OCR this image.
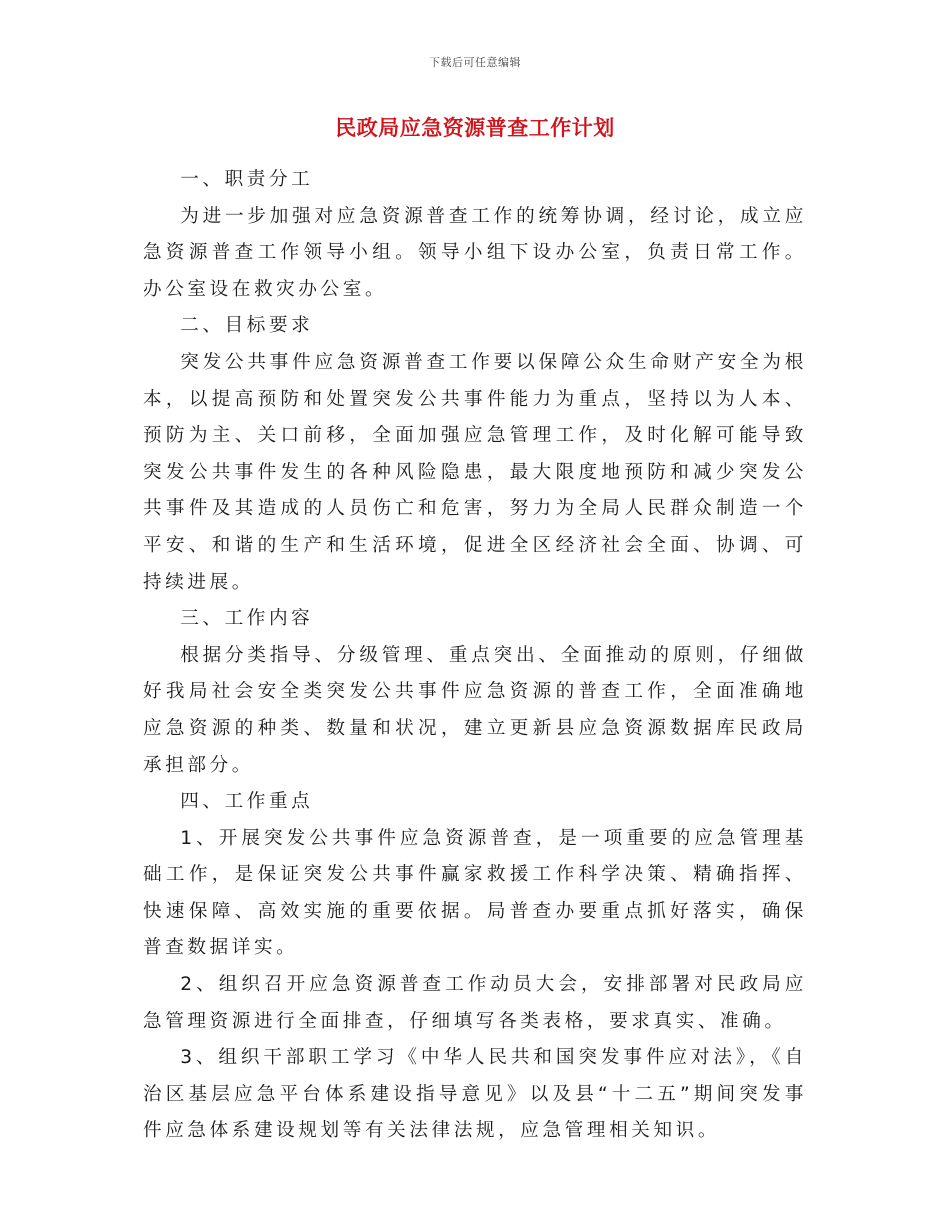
下载后可任意编辑
民政局应急资源普查工作计划

一、职责分工

为进一步加强对应急资源普查工作的统筹协调，经讨论，成立应急资源普查工作领导小组。领导小组下设办公室，负责日常工作。办公室设在救灾办公室。

二、目标要求

突发公共事件应急资源普查工作要以保障公众生命财产安全为根本，以提高预防和处置突发公共事件能力为重点，坚持以为人本、预防为主、关口前移，全面加强应急管理工作，及时化解可能导致突发公共事件发生的各种风险隐患，最大限度地预防和减少突发公共事件及其造成的人员伤亡和危害，努力为全局人民群众制造一个平安、和谐的生产和生活环境，促进全区经济社会全面、协调、可持续进展。

三、工作内容

根据分类指导、分级管理、重点突出、全面推动的原则，仔细做好我局社会安全类突发公共事件应急资源的普查工作，全面准确地应急资源的种类、数量和状况，建立更新县应急资源数据库民政局承担部分。

四、工作重点

1、开展突发公共事件应急资源普查，是一项重要的应急管理基础工作，是保证突发公共事件赢家救援工作科学决策、精确指挥、快速保障、高效实施的重要依据。局普查办要重点抓好落实，确保普查数据详实。

2、组织召开应急资源普查工作动员大会，安排部署对民政局应急管理资源进行全面排查，仔细填写各类表格，要求真实、准确。

3、组织干部职工学习《中华人民共和国突发事件应对法》，《自治区基层应急平台体系建设指导意见》以及县“十二五”期间突发事件应急体系建设规划等有关法律法规，应急管理相关知识。
